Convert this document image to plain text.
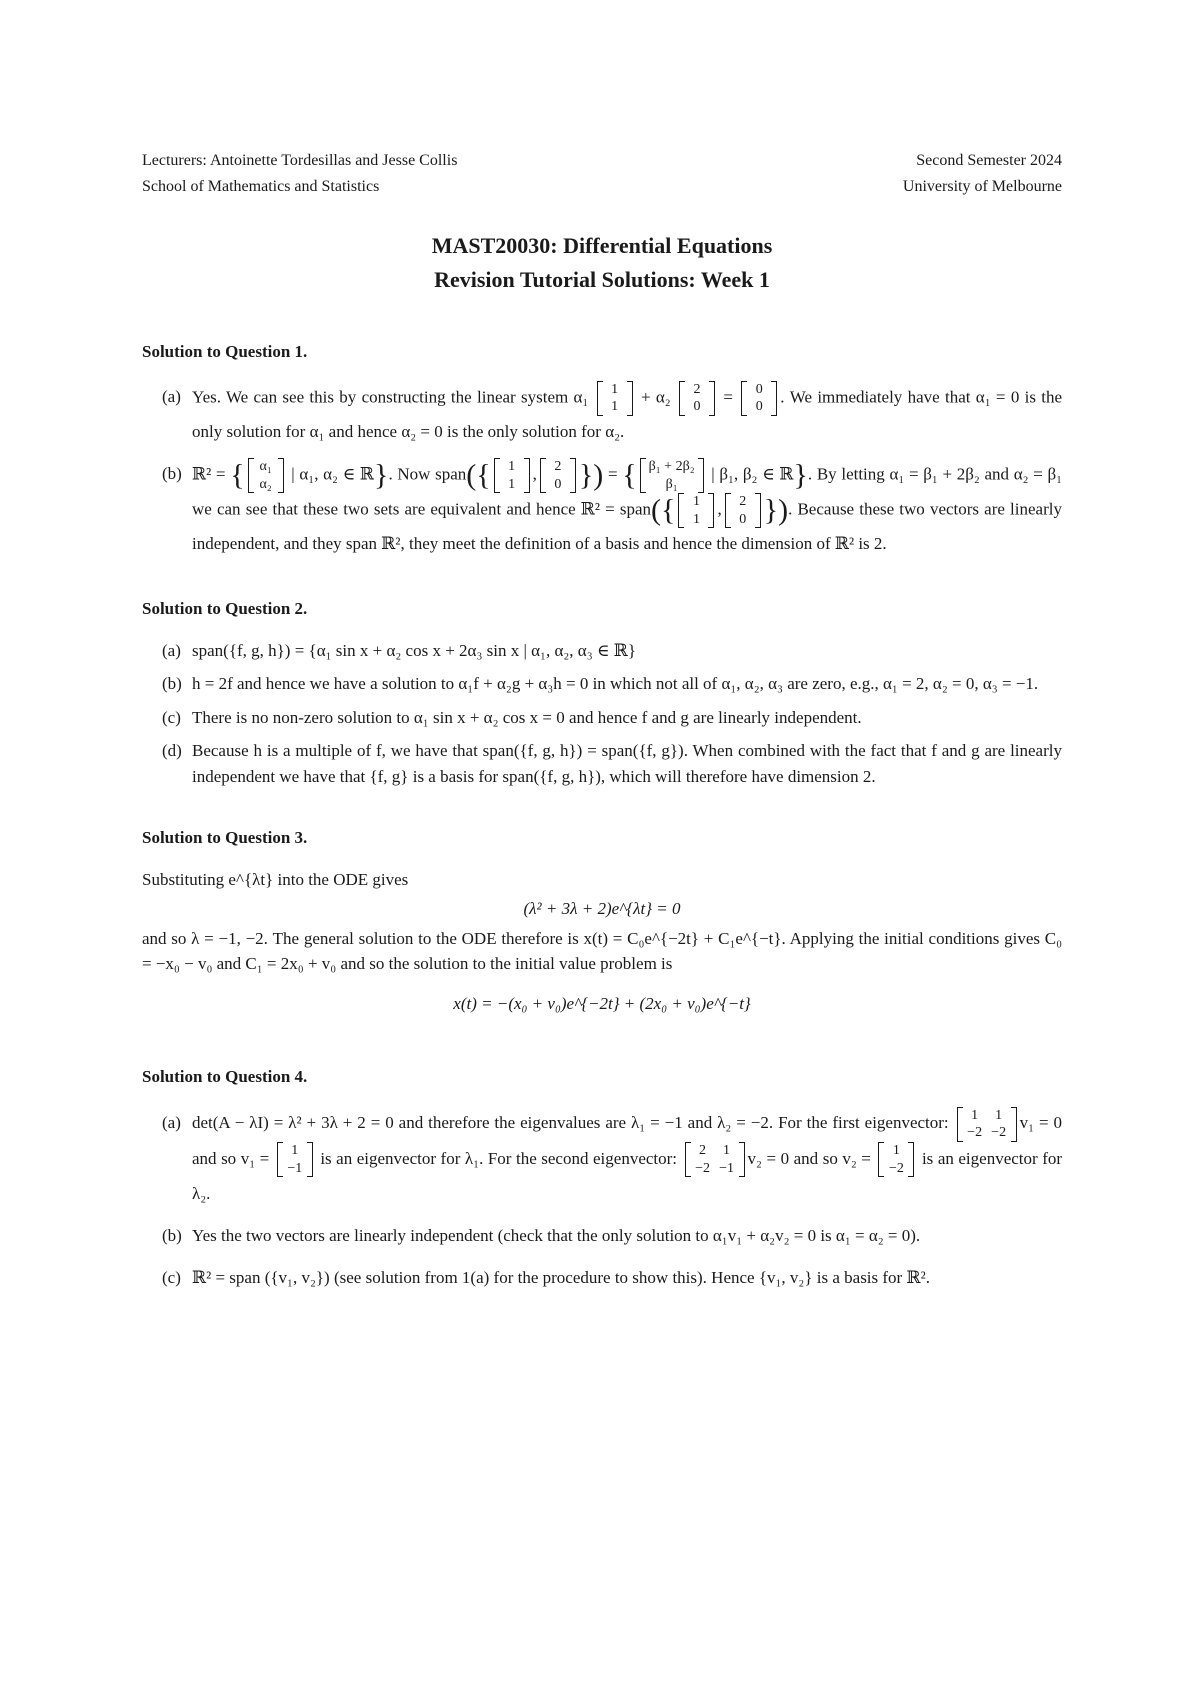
Lecturers: Antoinette Tordesillas and Jesse Collis
School of Mathematics and Statistics
Second Semester 2024
University of Melbourne
MAST20030: Differential Equations
Revision Tutorial Solutions: Week 1
Solution to Question 1.
(a) Yes. We can see this by constructing the linear system α₁	1
1
+ α₂	2
0
=	0
0
. We immediately have that α₁ = 0 is the only solution for α₁ and hence α₂ = 0 is the only solution for α₂.
(b) ℝ² = {	α₁
α₂
| α₁, α₂ ∈ ℝ}. Now span({	1
1
,	2
0 }) = { β₁ + 2β₂
β₁
| β₁, β₂ ∈ ℝ}. By letting α₁ = β₁ + 2β₂ and α₂ = β₁ we can see that these two sets are equivalent and hence ℝ² = span({	1
1
,	2
0 }). Because these two vectors are linearly independent, and they span ℝ², they meet the definition of a basis and hence the dimension of ℝ² is 2.
Solution to Question 2.
(a) span({f, g, h}) = {α₁ sin x + α₂ cos x + 2α₃ sin x | α₁, α₂, α₃ ∈ ℝ}
(b) h = 2f and hence we have a solution to α₁f + α₂g + α₃h = 0 in which not all of α₁, α₂, α₃ are zero, e.g., α₁ = 2, α₂ = 0, α₃ = −1.
(c) There is no non-zero solution to α₁ sin x + α₂ cos x = 0 and hence f and g are linearly independent.
(d) Because h is a multiple of f, we have that span({f, g, h}) = span({f, g}). When combined with the fact that f and g are linearly independent we have that {f, g} is a basis for span({f, g, h}), which will therefore have dimension 2.
Solution to Question 3.
Substituting e^{λt} into the ODE gives
(λ² + 3λ + 2)e^{λt} = 0
and so λ = −1, −2. The general solution to the ODE therefore is x(t) = C₀e^{−2t} + C₁e^{−t}. Applying the initial conditions gives C₀ = −x₀ − v₀ and C₁ = 2x₀ + v₀ and so the solution to the initial value problem is
x(t) = −(x₀ + v₀)e^{−2t} + (2x₀ + v₀)e^{−t}
Solution to Question 4.
(a) det(A − λI) = λ² + 3λ + 2 = 0 and therefore the eigenvalues are λ₁ = −1 and λ₂ = −2. For the first eigenvector:	1 1
−2 −2
v₁ = 0 and so v₁ =	1
−1
is an eigenvector for λ₁. For the second eigenvector:	2 1
−2 −1
v₂ = 0 and so v₂ =	1
−2
is an eigenvector for λ₂.
(b) Yes the two vectors are linearly independent (check that the only solution to α₁v₁ + α₂v₂ = 0 is α₁ = α₂ = 0).
(c) ℝ² = span ({v₁, v₂}) (see solution from 1(a) for the procedure to show this). Hence {v₁, v₂} is a basis for ℝ².
